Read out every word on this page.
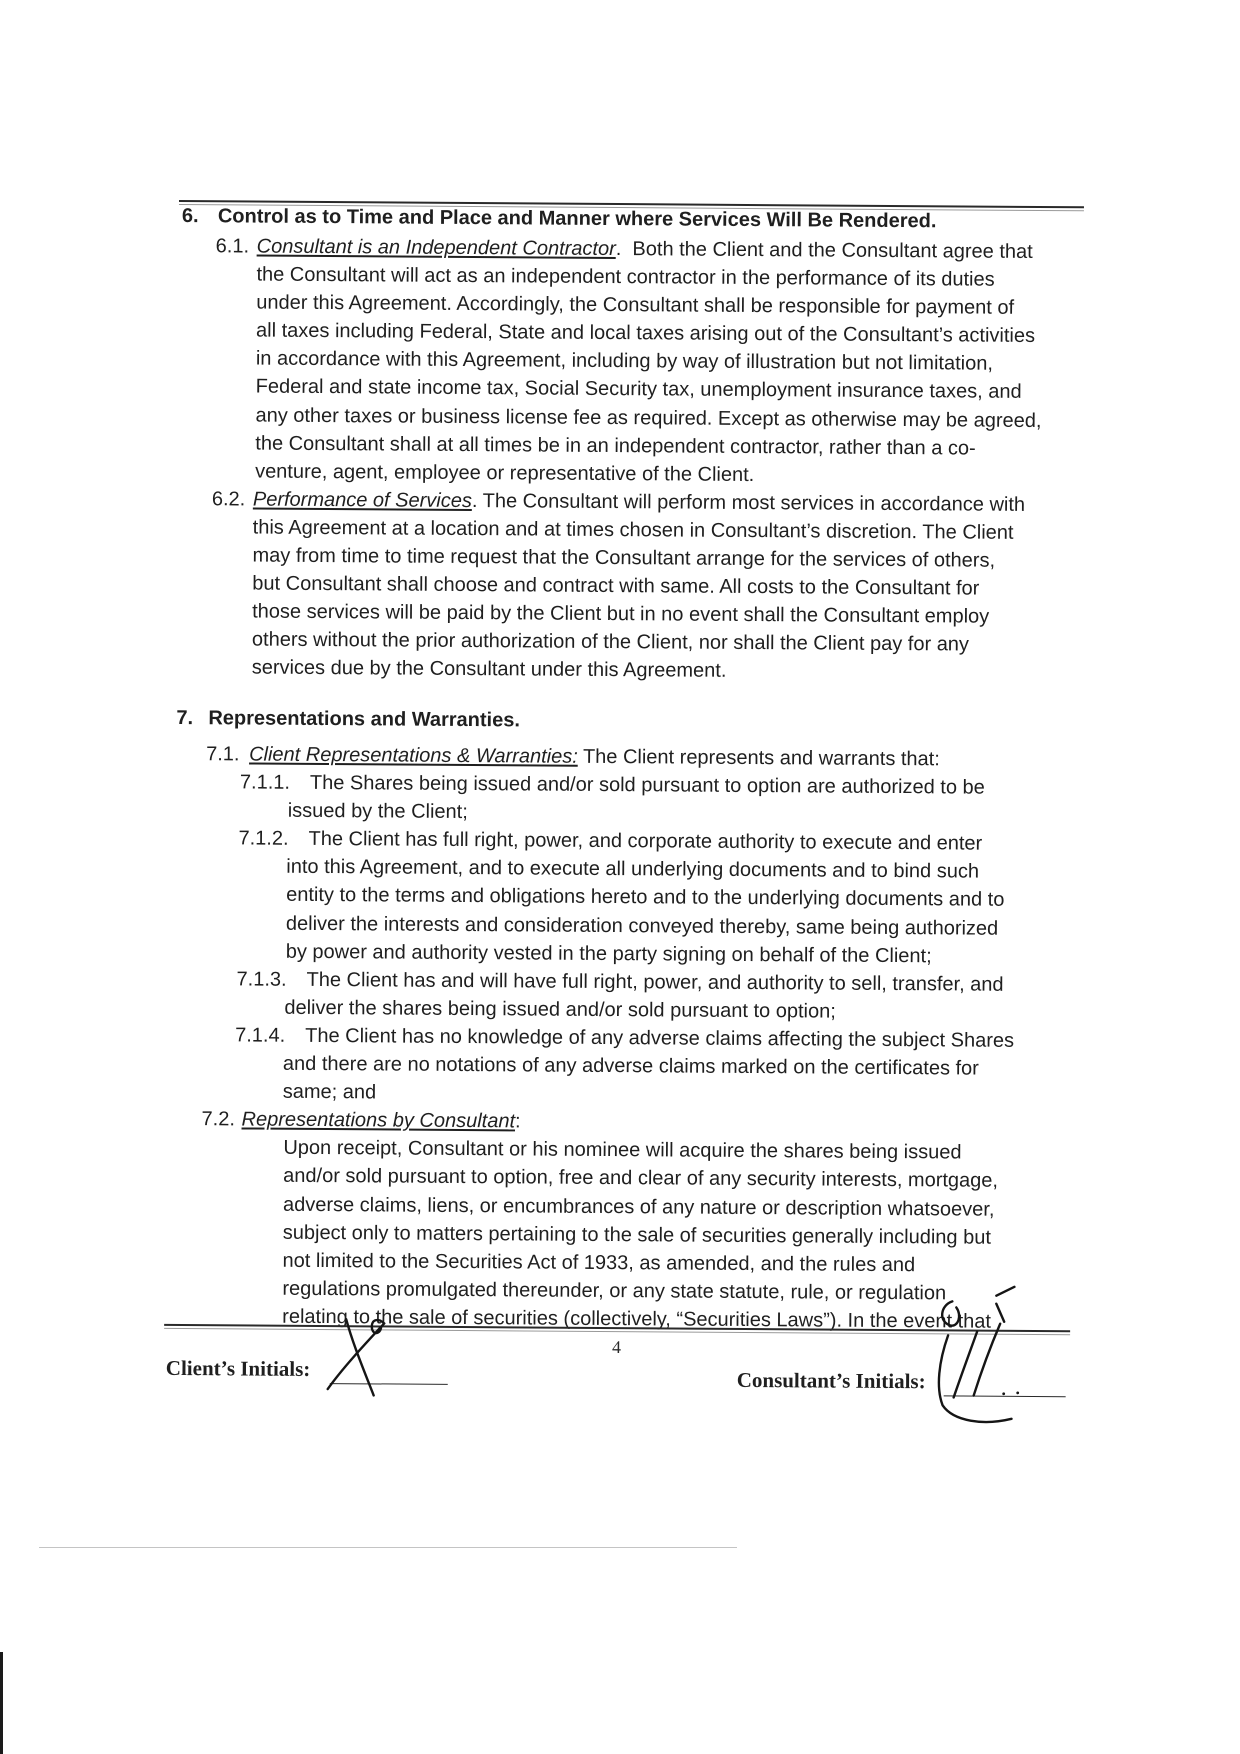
6. Control as to Time and Place and Manner where Services Will Be Rendered.
6.1. Consultant is an Independent Contractor.  Both the Client and the Consultant agree that
the Consultant will act as an independent contractor in the performance of its duties
under this Agreement. Accordingly, the Consultant shall be responsible for payment of
all taxes including Federal, State and local taxes arising out of the Consultant’s activities
in accordance with this Agreement, including by way of illustration but not limitation,
Federal and state income tax, Social Security tax, unemployment insurance taxes, and
any other taxes or business license fee as required. Except as otherwise may be agreed,
the Consultant shall at all times be in an independent contractor, rather than a co-
venture, agent, employee or representative of the Client.
6.2. Performance of Services. The Consultant will perform most services in accordance with
this Agreement at a location and at times chosen in Consultant’s discretion. The Client
may from time to time request that the Consultant arrange for the services of others,
but Consultant shall choose and contract with same. All costs to the Consultant for
those services will be paid by the Client but in no event shall the Consultant employ
others without the prior authorization of the Client, nor shall the Client pay for any
services due by the Consultant under this Agreement.
7. Representations and Warranties.
7.1. Client Representations & Warranties: The Client represents and warrants that:
7.1.1. The Shares being issued and/or sold pursuant to option are authorized to be
issued by the Client;
7.1.2. The Client has full right, power, and corporate authority to execute and enter
into this Agreement, and to execute all underlying documents and to bind such
entity to the terms and obligations hereto and to the underlying documents and to
deliver the interests and consideration conveyed thereby, same being authorized
by power and authority vested in the party signing on behalf of the Client;
7.1.3. The Client has and will have full right, power, and authority to sell, transfer, and
deliver the shares being issued and/or sold pursuant to option;
7.1.4. The Client has no knowledge of any adverse claims affecting the subject Shares
and there are no notations of any adverse claims marked on the certificates for
same; and
7.2. Representations by Consultant:
Upon receipt, Consultant or his nominee will acquire the shares being issued
and/or sold pursuant to option, free and clear of any security interests, mortgage,
adverse claims, liens, or encumbrances of any nature or description whatsoever,
subject only to matters pertaining to the sale of securities generally including but
not limited to the Securities Act of 1933, as amended, and the rules and
regulations promulgated thereunder, or any state statute, rule, or regulation
relating to the sale of securities (collectively, “Securities Laws”). In the event that
4
Client’s Initials:	Consultant’s Initials:
